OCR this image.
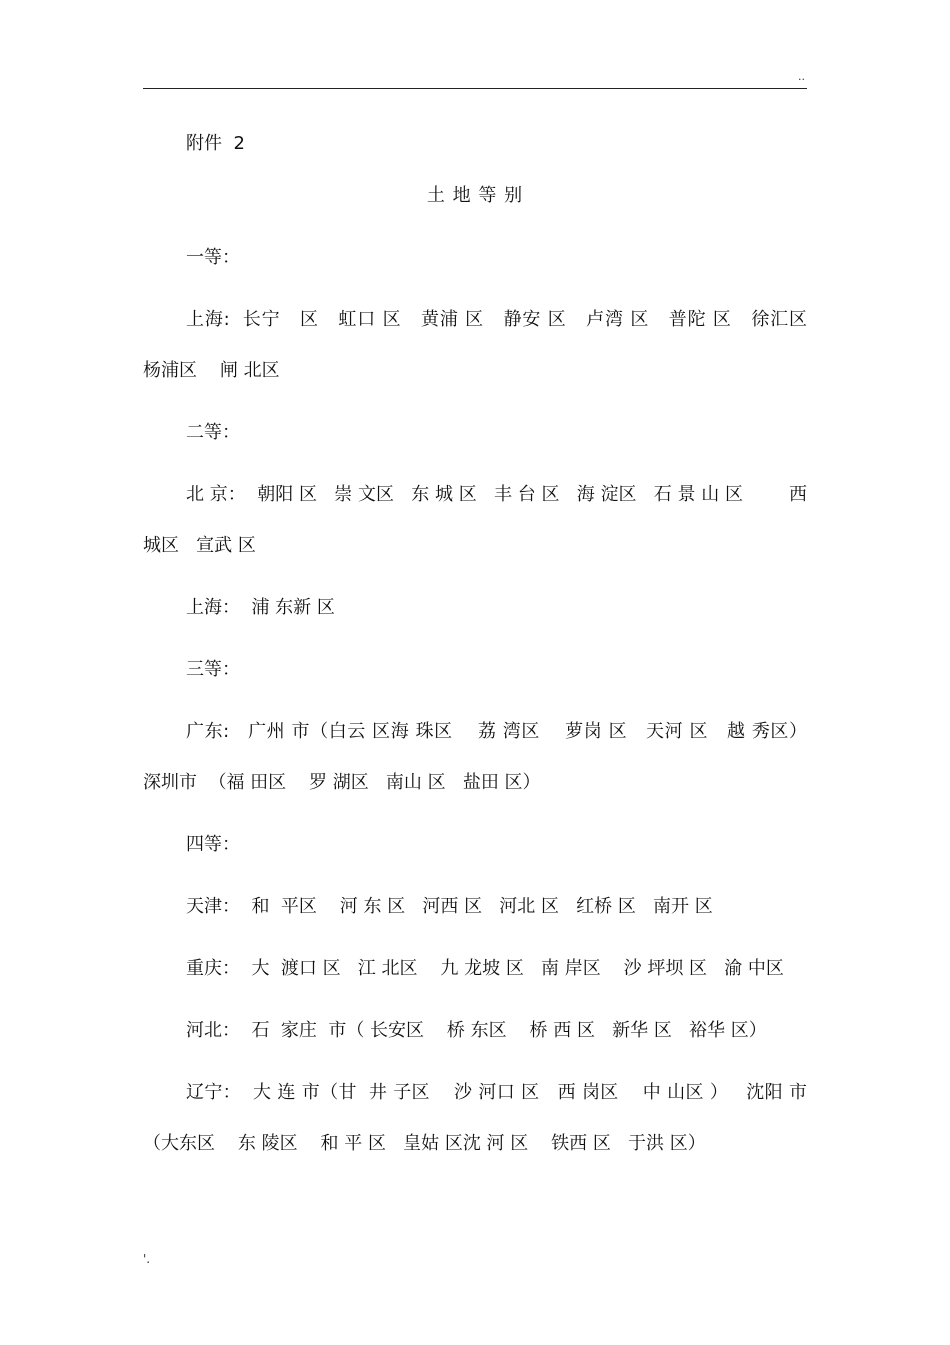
..
附件  2
土 地 等 别
一等：
上海:  长宁   区   虹口 区   黄浦 区   静安 区   卢湾 区   普陀 区   徐汇区    杨浦区    闸 北区
二等：
北 京：  朝阳 区   崇 文区   东 城 区   丰 台 区   海 淀区   石 景 山 区        西 城区   宣武 区
上海：  浦 东新 区
三等：
广东:   广州 市（白云 区海 珠区    荔 湾区    萝岗 区   天河 区   越 秀区）   深圳市  （福 田区    罗 湖区   南山 区   盐田 区）
四等：
天津：  和  平区    河 东 区   河西 区   河北 区   红桥 区   南开 区
重庆：  大  渡口 区   江 北区    九 龙坡 区   南 岸区    沙 坪坝 区   渝 中区
河北：  石  家庄  市（ 长安区    桥 东区    桥 西 区   新华 区   裕华 区）
辽宁：  大 连 市（甘  井 子区    沙 河口 区   西 岗区    中 山区 ）   沈阳 市（大东区    东 陵区    和 平 区   皇姑 区沈 河 区    铁西 区   于洪 区）
'.
